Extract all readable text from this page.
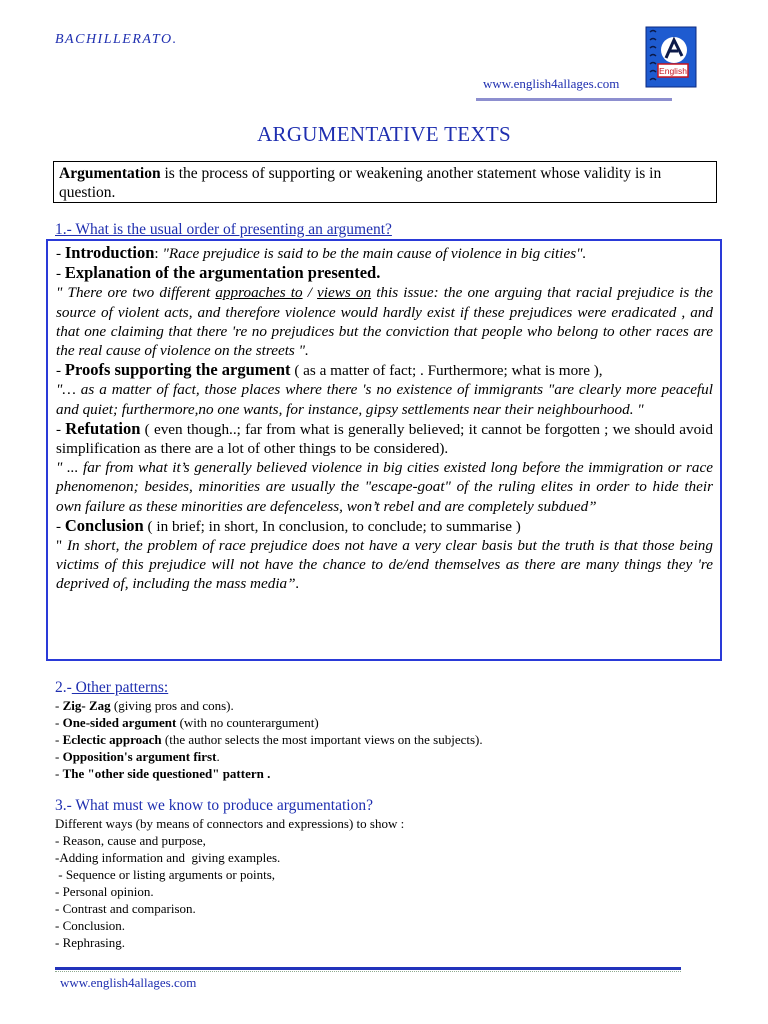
BACHILLERATO.
www.english4allages.com
English
ARGUMENTATIVE TEXTS
Argumentation is the process of supporting or weakening another statement whose validity is in question.
1.- What is the usual order of presenting an argument?

- Introduction: "Race prejudice is said to be the main cause of violence in big cities".

- Explanation of the argumentation presented.

" There ore two different approaches to / views on this issue: the one arguing that racial prejudice is the source of violent acts, and therefore violence would hardly exist if these prejudices were eradicated , and that one claiming that there 're no prejudices but the conviction that people who belong to other races are the real cause of violence on the streets ".

- Proofs supporting the argument ( as a matter of fact; . Furthermore; what is more ),

"… as a matter of fact, those places where there 's no existence of immigrants "are clearly more peaceful and quiet; furthermore,no one wants, for instance, gipsy settlements near their neighbourhood. "

- Refutation ( even though..; far from what is generally believed; it cannot be forgotten ; we should avoid simplification as there are a lot of other things to be considered).

" ... far from what it’s generally believed violence in big cities existed long before the immigration or race phenomenon; besides, minorities are usually the "escape-goat" of the ruling elites in order to hide their own failure as these minorities are defenceless, won’t rebel and are completely subdued”

- Conclusion ( in brief; in short, In conclusion, to conclude; to summarise )

" In short, the problem of race prejudice does not have a very clear basis but the truth is that those being victims of this prejudice will not have the chance to de/end themselves as there are many things they 're deprived of, including the mass media”.

2.- Other patterns:
- Zig- Zag (giving pros and cons).
- One-sided argument (with no counterargument)
- Eclectic approach (the author selects the most important views on the subjects).
- Opposition's argument first.
- The "other side questioned" pattern .
3.- What must we know to produce argumentation?
Different ways (by means of connectors and expressions) to show :
- Reason, cause and purpose,
-Adding information and  giving examples.
- Sequence or listing arguments or points,
- Personal opinion.
- Contrast and comparison.
- Conclusion.
- Rephrasing.
www.english4allages.com
